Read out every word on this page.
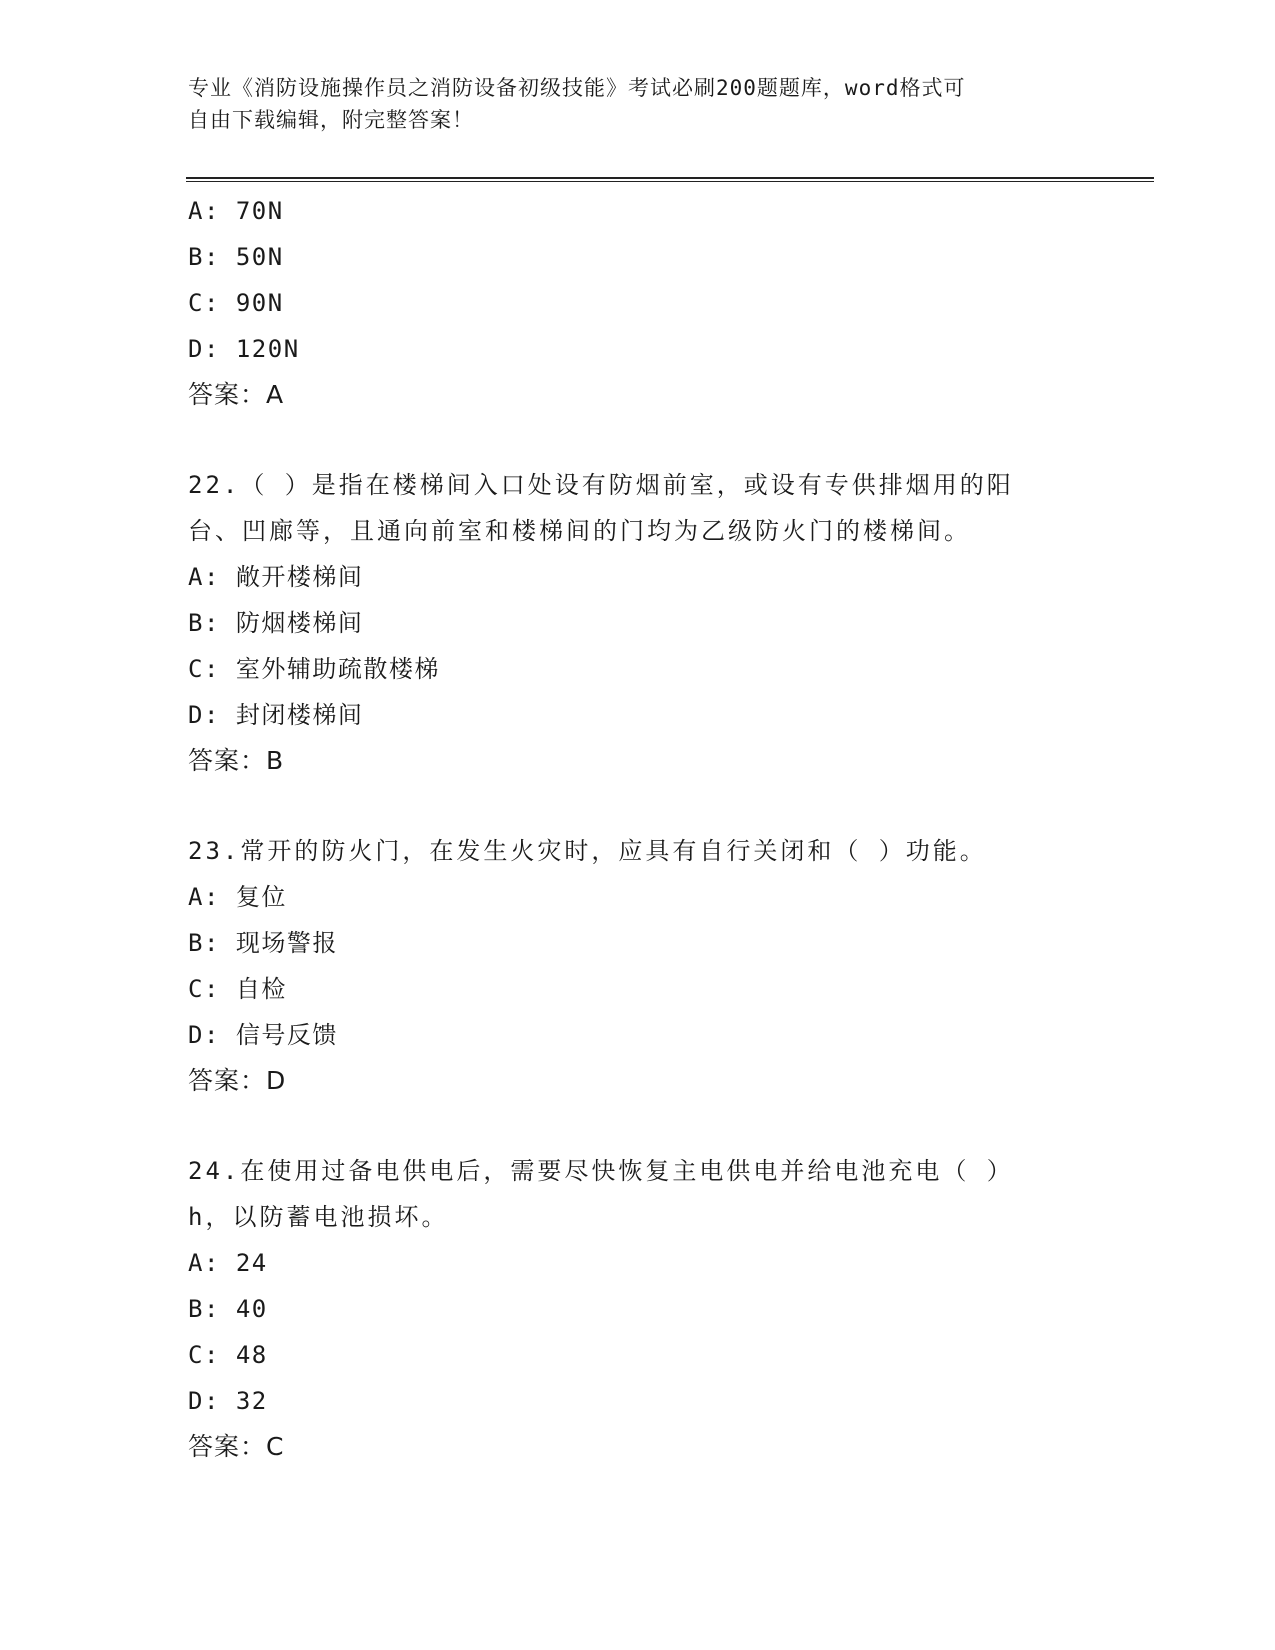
专业《消防设施操作员之消防设备初级技能》考试必刷200题题库，word格式可
自由下载编辑，附完整答案！
A: 70N
B: 50N
C: 90N
D: 120N
答案：A
22.（ ）是指在楼梯间入口处设有防烟前室，或设有专供排烟用的阳
台、凹廊等，且通向前室和楼梯间的门均为乙级防火门的楼梯间。
A: 敞开楼梯间
B: 防烟楼梯间
C: 室外辅助疏散楼梯
D: 封闭楼梯间
答案：B
23.常开的防火门，在发生火灾时，应具有自行关闭和（ ）功能。
A: 复位
B: 现场警报
C: 自检
D: 信号反馈
答案：D
24.在使用过备电供电后，需要尽快恢复主电供电并给电池充电（ ）
h，以防蓄电池损坏。
A: 24
B: 40
C: 48
D: 32
答案：C
